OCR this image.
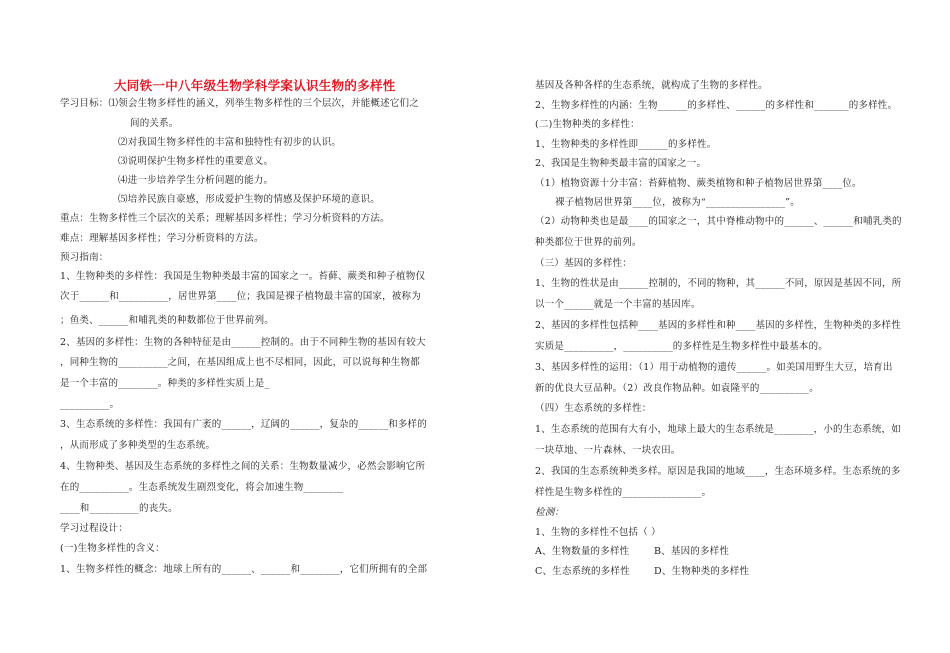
大同铁一中八年级生物学科学案认识生物的多样性
学习目标：⑴领会生物多样性的涵义，列举生物多样性的三个层次，并能概述它们之
间的关系。
⑵对我国生物多样性的丰富和独特性有初步的认识。
⑶说明保护生物多样性的重要意义。
⑷进一步培养学生分析问题的能力。
⑸培养民族自豪感，形成爱护生物的情感及保护环境的意识。
重点：生物多样性三个层次的关系；理解基因多样性；学习分析资料的方法。
难点：理解基因多样性；学习分析资料的方法。
预习指南：
1、生物种类的多样性：我国是生物种类最丰富的国家之一。苔藓、蕨类和种子植物仅
次于______和__________，居世界第____位；我国是裸子植物最丰富的国家，被称为
；鱼类、______和哺乳类的种数都位于世界前列。
2、基因的多样性：生物的各种特征是由______控制的。由于不同种生物的基因有较大
，同种生物的__________之间，在基因组成上也不尽相同，因此，可以说每种生物都
是一个丰富的________。种类的多样性实质上是_
__________。
3、生态系统的多样性：我国有广袤的______，辽阔的______，复杂的______和多样的
，从而形成了多种类型的生态系统。
4、生物种类、基因及生态系统的多样性之间的关系：生物数量减少，必然会影响它所
在的__________。生态系统发生剧烈变化，将会加速生物________
____和__________的丧失。
学习过程设计：
(一)生物多样性的含义：
1、生物多样性的概念：地球上所有的______、______和________，它们所拥有的全部
基因及各种各样的生态系统，就构成了生物的多样性。
2、生物多样性的内涵：生物______的多样性、______的多样性和_______的多样性。
(二)生物种类的多样性：
1、生物种类的多样性即______的多样性。
2、我国是生物种类最丰富的国家之一。
（1）植物资源十分丰富：苔藓植物、蕨类植物和种子植物居世界第____位。
裸子植物居世界第____位，被称为“________________”。
（2）动物种类也是最____的国家之一，其中脊椎动物中的______、______和哺乳类的
种类都位于世界的前列。
（三）基因的多样性：
1、生物的性状是由______控制的，不同的物种，其______不同，原因是基因不同，所
以一个______就是一个丰富的基因库。
2、基因的多样性包括种____基因的多样性和种____基因的多样性，生物种类的多样性
实质是__________，__________的多样性是生物多样性中最基本的。
3、基因多样性的运用：（1）用于动植物的遗传______。如美国用野生大豆，培育出
新的优良大豆品种。（2）改良作物品种。如袁隆平的__________。
（四）生态系统的多样性：
1、生态系统的范围有大有小，地球上最大的生态系统是________，小的生态系统，如
一块草地、一片森林、一块农田。
2、我国的生态系统种类多样。原因是我国的地域____，生态环境多样。生态系统的多
样性是生物多样性的________________。
检测：
1、生物的多样性不包括（ ）
A、生物数量的多样性	B、基因的多样性
C、生态系统的多样性	D、生物种类的多样性
